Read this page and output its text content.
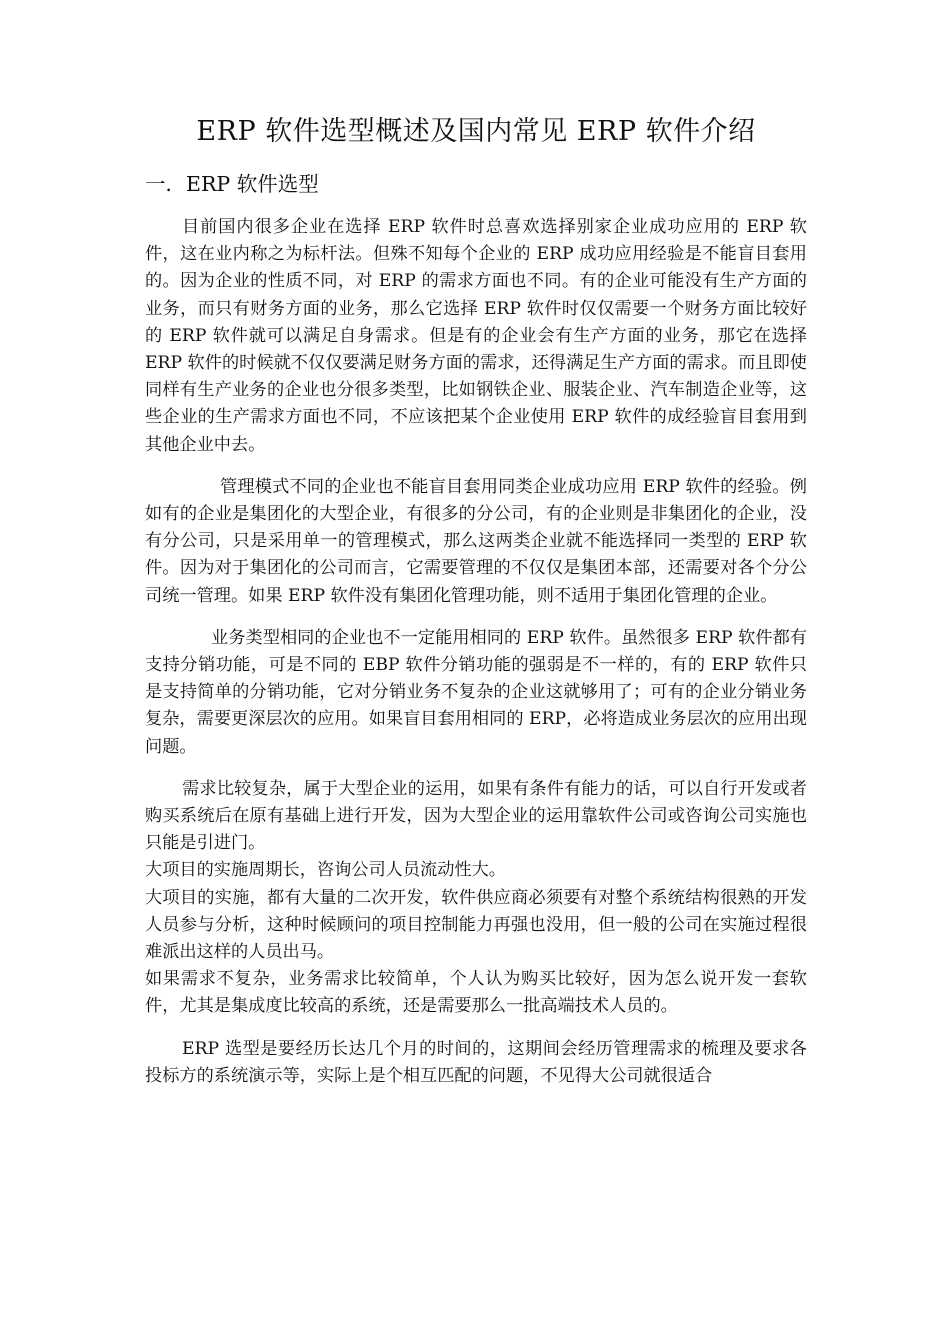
ERP 软件选型概述及国内常见 ERP 软件介绍
一．ERP 软件选型

目前国内很多企业在选择 ERP 软件时总喜欢选择别家企业成功应用的 ERP 软件，这在业内称之为标杆法。但殊不知每个企业的 ERP 成功应用经验是不能盲目套用的。因为企业的性质不同，对 ERP 的需求方面也不同。有的企业可能没有生产方面的业务，而只有财务方面的业务，那么它选择 ERP 软件时仅仅需要一个财务方面比较好的 ERP 软件就可以满足自身需求。但是有的企业会有生产方面的业务，那它在选择 ERP 软件的时候就不仅仅要满足财务方面的需求，还得满足生产方面的需求。而且即使同样有生产业务的企业也分很多类型，比如钢铁企业、服装企业、汽车制造企业等，这些企业的生产需求方面也不同，不应该把某个企业使用 ERP 软件的成经验盲目套用到其他企业中去。

管理模式不同的企业也不能盲目套用同类企业成功应用 ERP 软件的经验。例如有的企业是集团化的大型企业，有很多的分公司，有的企业则是非集团化的企业，没有分公司，只是采用单一的管理模式，那么这两类企业就不能选择同一类型的 ERP 软件。因为对于集团化的公司而言，它需要管理的不仅仅是集团本部，还需要对各个分公司统一管理。如果 ERP 软件没有集团化管理功能，则不适用于集团化管理的企业。

业务类型相同的企业也不一定能用相同的 ERP 软件。虽然很多 ERP 软件都有支持分销功能，可是不同的 EBP 软件分销功能的强弱是不一样的，有的 ERP 软件只是支持简单的分销功能，它对分销业务不复杂的企业这就够用了；可有的企业分销业务复杂，需要更深层次的应用。如果盲目套用相同的 ERP，必将造成业务层次的应用出现问题。

需求比较复杂，属于大型企业的运用，如果有条件有能力的话，可以自行开发或者购买系统后在原有基础上进行开发，因为大型企业的运用靠软件公司或咨询公司实施也只能是引进门。

大项目的实施周期长，咨询公司人员流动性大。

大项目的实施，都有大量的二次开发，软件供应商必须要有对整个系统结构很熟的开发人员参与分析，这种时候顾问的项目控制能力再强也没用，但一般的公司在实施过程很难派出这样的人员出马。

如果需求不复杂，业务需求比较简单，个人认为购买比较好，因为怎么说开发一套软件，尤其是集成度比较高的系统，还是需要那么一批高端技术人员的。

ERP 选型是要经历长达几个月的时间的，这期间会经历管理需求的梳理及要求各投标方的系统演示等，实际上是个相互匹配的问题，不见得大公司就很适合
